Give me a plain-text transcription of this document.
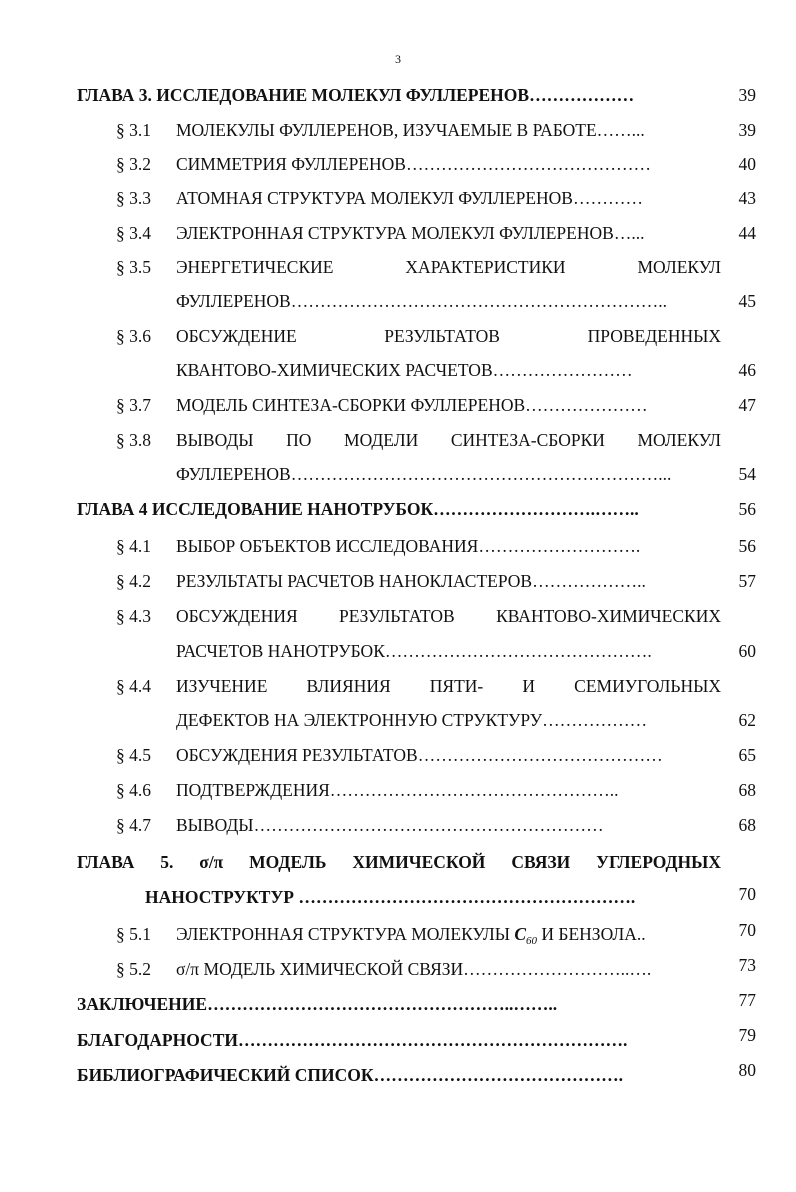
3
ГЛАВА 3. ИССЛЕДОВАНИЕ МОЛЕКУЛ ФУЛЛЕРЕНОВ………………	39
§ 3.1 МОЛЕКУЛЫ ФУЛЛЕРЕНОВ, ИЗУЧАЕМЫЕ В РАБОТЕ……...	39
§ 3.2 СИММЕТРИЯ ФУЛЛЕРЕНОВ……………………………………	40
§ 3.3 АТОМНАЯ СТРУКТУРА МОЛЕКУЛ ФУЛЛЕРЕНОВ…………	43
§ 3.4 ЭЛЕКТРОННАЯ СТРУКТУРА МОЛЕКУЛ ФУЛЛЕРЕНОВ…...	44
§ 3.5 ЭНЕРГЕТИЧЕСКИЕ	ХАРАКТЕРИСТИКИ	МОЛЕКУЛ
ФУЛЛЕРЕНОВ………………………………………………………..	45
§ 3.6 ОБСУЖДЕНИЕ	РЕЗУЛЬТАТОВ	ПРОВЕДЕННЫХ
КВАНТОВО-ХИМИЧЕСКИХ РАСЧЕТОВ……………………	46
§ 3.7 МОДЕЛЬ СИНТЕЗА-СБОРКИ ФУЛЛЕРЕНОВ…………………	47
§ 3.8 ВЫВОДЫ ПО МОДЕЛИ СИНТЕЗА-СБОРКИ МОЛЕКУЛ
ФУЛЛЕРЕНОВ………………………………………………………...	54
ГЛАВА 4 ИССЛЕДОВАНИЕ НАНОТРУБОК……………………….……..	56
§ 4.1 ВЫБОР ОБЪЕКТОВ ИССЛЕДОВАНИЯ……………………….	56
§ 4.2 РЕЗУЛЬТАТЫ РАСЧЕТОВ НАНОКЛАСТЕРОВ………………..	57
§ 4.3 ОБСУЖДЕНИЯ РЕЗУЛЬТАТОВ КВАНТОВО-ХИМИЧЕСКИХ
РАСЧЕТОВ НАНОТРУБОК……………………………………….	60
§ 4.4 ИЗУЧЕНИЕ ВЛИЯНИЯ ПЯТИ- И СЕМИУГОЛЬНЫХ
ДЕФЕКТОВ НА ЭЛЕКТРОННУЮ СТРУКТУРУ………………	62
§ 4.5 ОБСУЖДЕНИЯ РЕЗУЛЬТАТОВ……………………………………	65
§ 4.6 ПОДТВЕРЖДЕНИЯ…………………………………………..	68
§ 4.7 ВЫВОДЫ……………………………………………………	68
ГЛАВА 5. σ/π МОДЕЛЬ ХИМИЧЕСКОЙ СВЯЗИ УГЛЕРОДНЫХ
НАНОСТРУКТУР ………………………………………………….	70
§ 5.1 ЭЛЕКТРОННАЯ СТРУКТУРА МОЛЕКУЛЫ $C_{60}$ И БЕНЗОЛА..	70
§ 5.2 σ/π МОДЕЛЬ ХИМИЧЕСКОЙ СВЯЗИ………………………..….	73
ЗАКЛЮЧЕНИЕ……………………………………………..……..	77
БЛАГОДАРНОСТИ………………………………………………………….	79
БИБЛИОГРАФИЧЕСКИЙ СПИСОК…………………………………….	80
